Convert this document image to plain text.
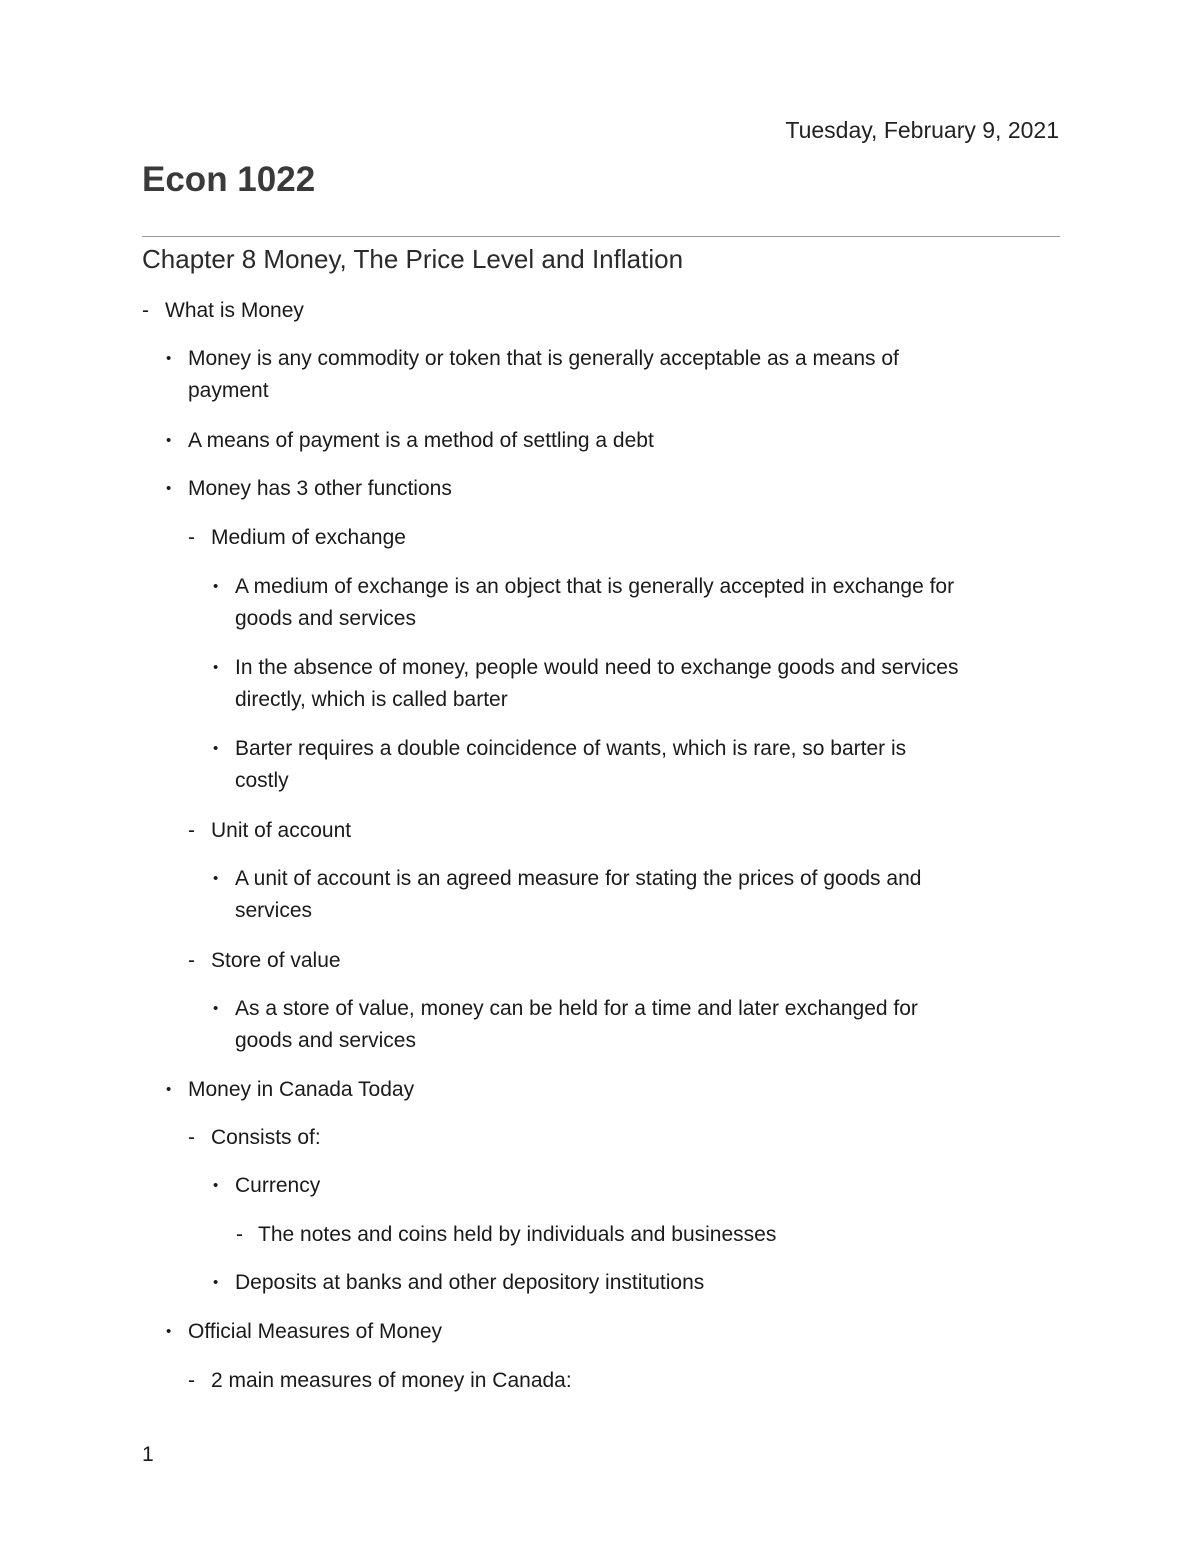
Tuesday, February 9, 2021
Econ 1022
Chapter 8 Money, The Price Level and Inflation
- What is Money
• Money is any commodity or token that is generally acceptable as a means of
payment
• A means of payment is a method of settling a debt
• Money has 3 other functions
- Medium of exchange
• A medium of exchange is an object that is generally accepted in exchange for
goods and services
• In the absence of money, people would need to exchange goods and services
directly, which is called barter
• Barter requires a double coincidence of wants, which is rare, so barter is
costly
- Unit of account
• A unit of account is an agreed measure for stating the prices of goods and
services
- Store of value
• As a store of value, money can be held for a time and later exchanged for
goods and services
• Money in Canada Today
- Consists of:
• Currency
- The notes and coins held by individuals and businesses
• Deposits at banks and other depository institutions
• Official Measures of Money
- 2 main measures of money in Canada:
1
